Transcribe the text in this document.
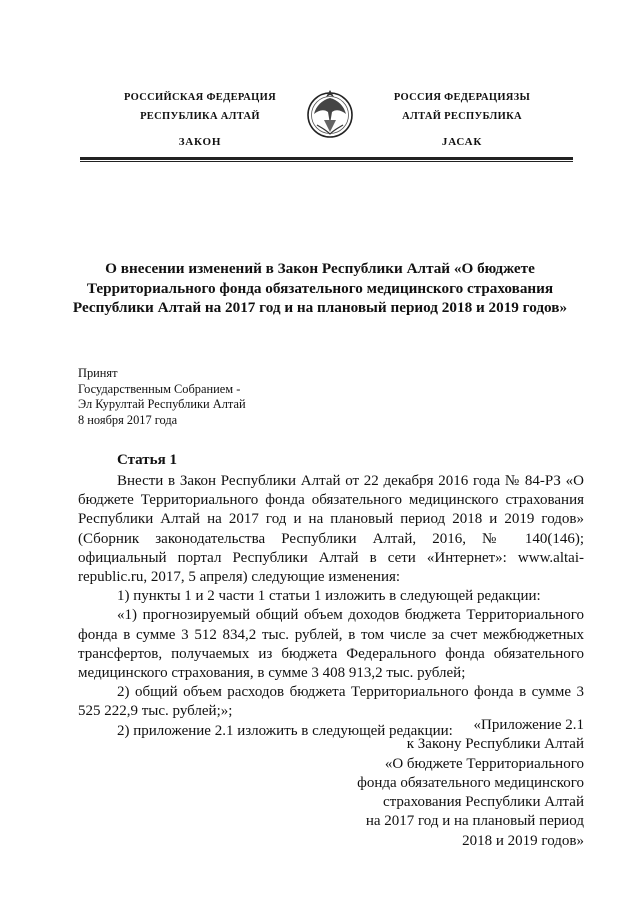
РОССИЙСКАЯ ФЕДЕРАЦИЯ
РЕСПУБЛИКА АЛТАЙ
ЗАКОН
РОССИЯ ФЕДЕРАЦИЯЗЫ
АЛТАЙ РЕСПУБЛИКА
JАСАК
О внесении изменений в Закон Республики Алтай «О бюджете
Территориального фонда обязательного медицинского страхования
Республики Алтай на 2017 год и на плановый период 2018 и 2019 годов»
Принят
Государственным Собранием -
Эл Курултай Республики Алтай
8 ноября 2017 года
Статья 1

Внести в Закон Республики Алтай от 22 декабря 2016 года № 84-РЗ «О бюджете Территориального фонда обязательного медицинского страхования Республики Алтай на 2017 год и на плановый период 2018 и 2019 годов» (Сборник законодательства Республики Алтай, 2016, № 140(146); официальный портал Республики Алтай в сети «Интернет»: www.altai-republic.ru, 2017, 5 апреля) следующие изменения:

1) пункты 1 и 2 части 1 статьи 1 изложить в следующей редакции:

«1) прогнозируемый общий объем доходов бюджета Территориального фонда в сумме 3 512 834,2 тыс. рублей, в том числе за счет межбюджетных трансфертов, получаемых из бюджета Федерального фонда обязательного медицинского страхования, в сумме 3 408 913,2 тыс. рублей;

2) общий объем расходов бюджета Территориального фонда в сумме 3 525 222,9 тыс. рублей;»;

2) приложение 2.1 изложить в следующей редакции:	«Приложение 2.1
к Закону Республики Алтай
«О бюджете Территориального
фонда обязательного медицинского
страхования Республики Алтай
на 2017 год и на плановый период
2018 и 2019 годов»
